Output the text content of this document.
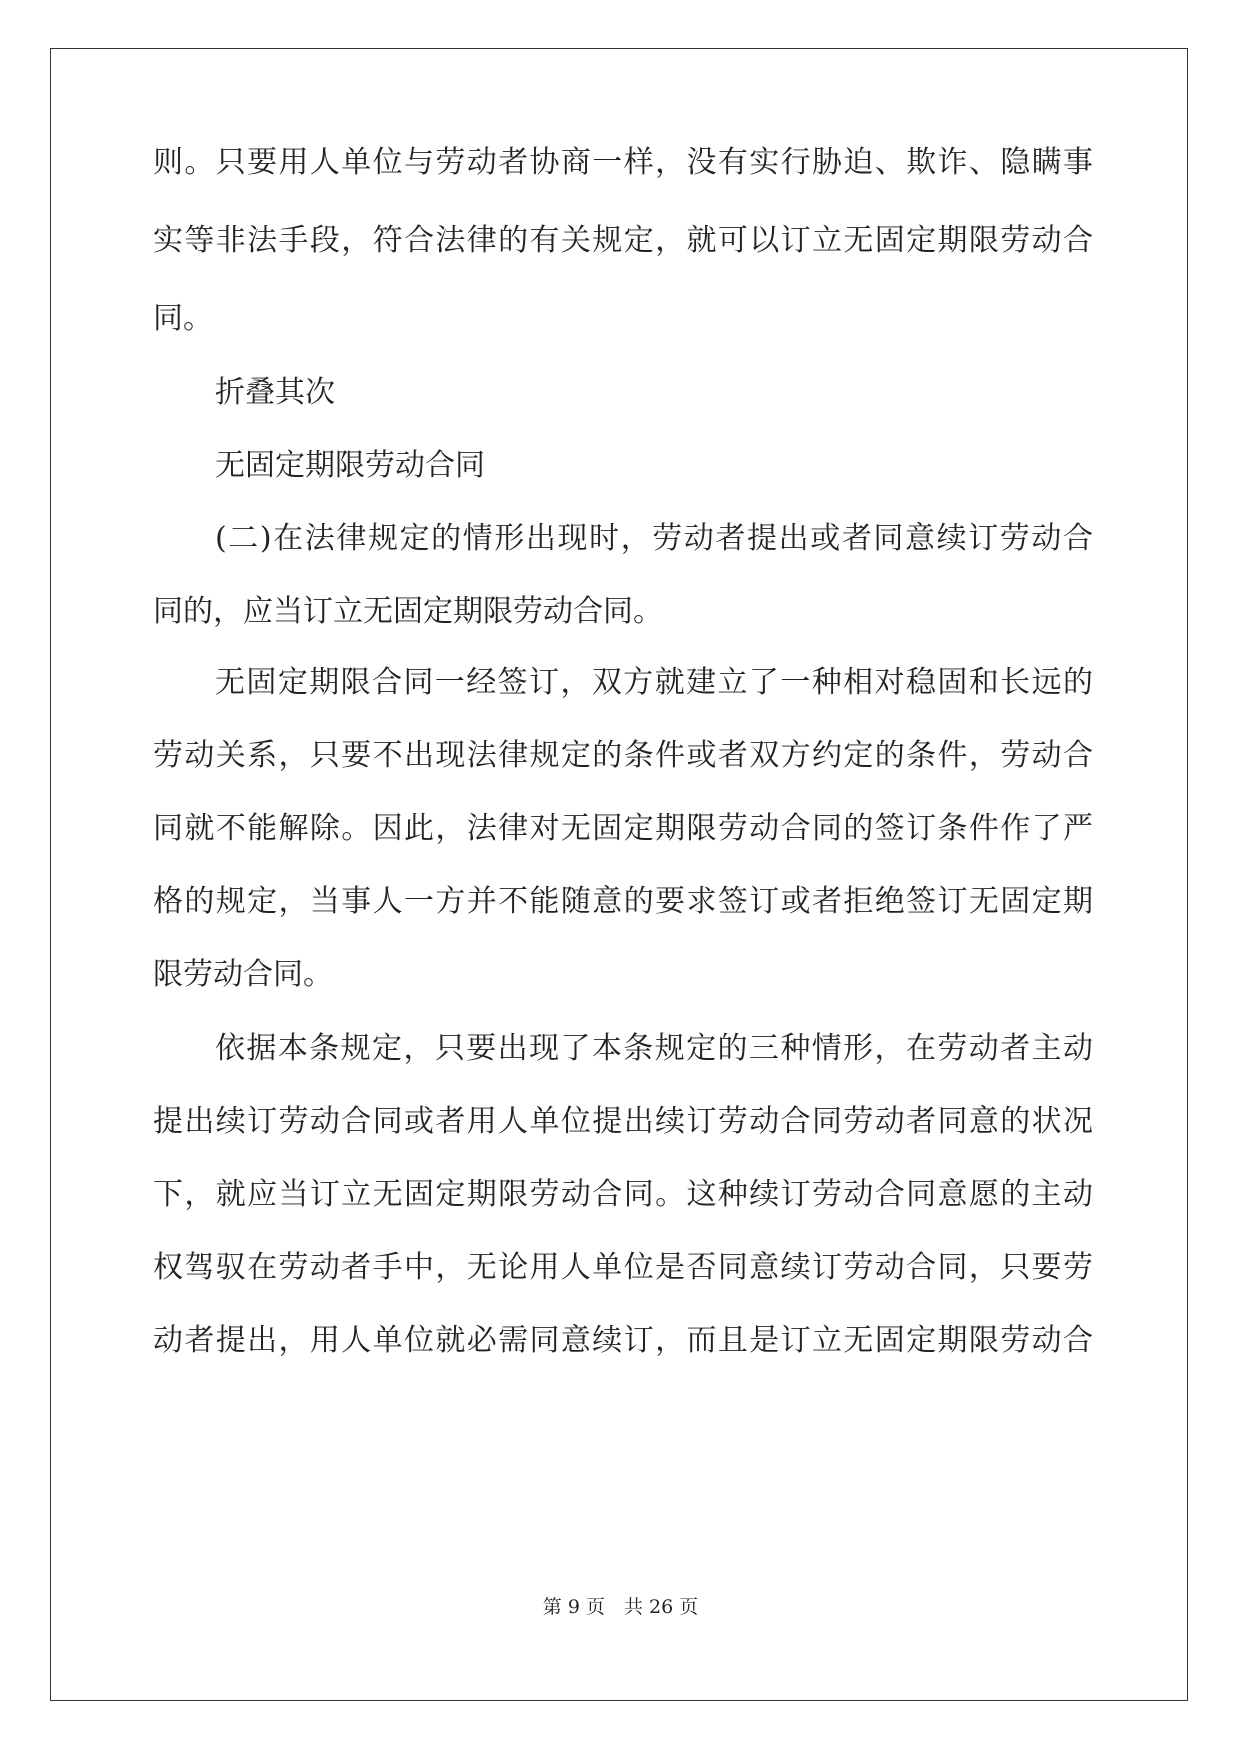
则。只要用人单位与劳动者协商一样，没有实行胁迫、欺诈、隐瞒事
实等非法手段，符合法律的有关规定，就可以订立无固定期限劳动合
同。
折叠其次
无固定期限劳动合同
(二)在法律规定的情形出现时，劳动者提出或者同意续订劳动合
同的，应当订立无固定期限劳动合同。
无固定期限合同一经签订，双方就建立了一种相对稳固和长远的
劳动关系，只要不出现法律规定的条件或者双方约定的条件，劳动合
同就不能解除。因此，法律对无固定期限劳动合同的签订条件作了严
格的规定，当事人一方并不能随意的要求签订或者拒绝签订无固定期
限劳动合同。
依据本条规定，只要出现了本条规定的三种情形，在劳动者主动
提出续订劳动合同或者用人单位提出续订劳动合同劳动者同意的状况
下，就应当订立无固定期限劳动合同。这种续订劳动合同意愿的主动
权驾驭在劳动者手中，无论用人单位是否同意续订劳动合同，只要劳
动者提出，用人单位就必需同意续订，而且是订立无固定期限劳动合
第 9 页　共 26 页
